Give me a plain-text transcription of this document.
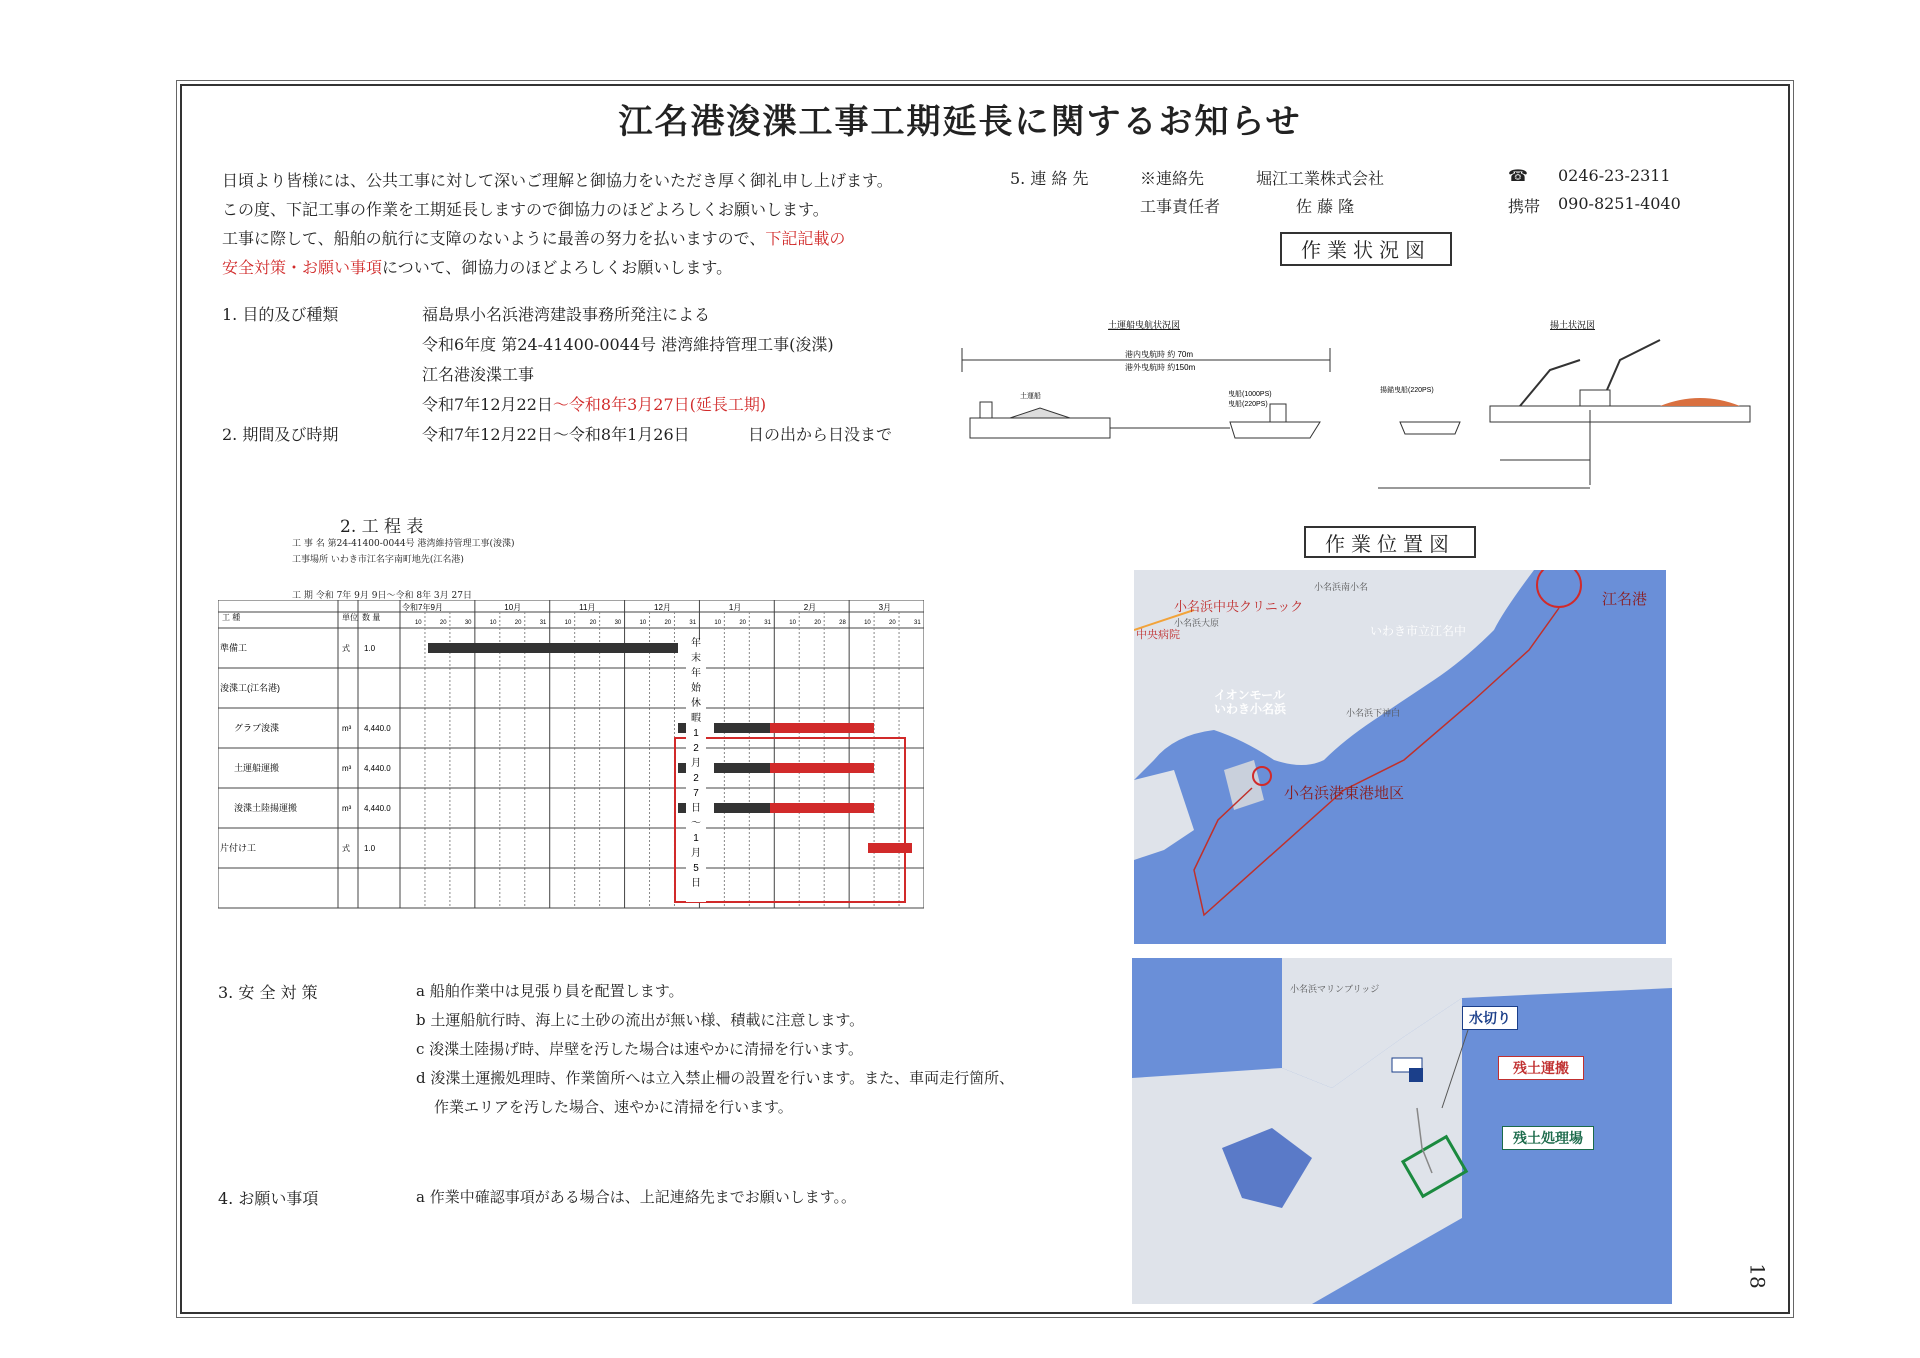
江名港浚渫工事工期延長に関するお知らせ
日頃より皆様には、公共工事に対して深いご理解と御協力をいただき厚く御礼申し上げます。
この度、下記工事の作業を工期延長しますので御協力のほどよろしくお願いします。
工事に際して、船舶の航行に支障のないように最善の努力を払いますので、下記記載の
安全対策・お願い事項について、御協力のほどよろしくお願いします。
1. 目的及び種類	福島県小名浜港湾建設事務所発注による
令和6年度 第24-41400-0044号 港湾維持管理工事(浚渫)
江名港浚渫工事
令和7年12月22日～令和8年3月27日(延長工期)
2. 期間及び時期	令和7年12月22日～令和8年1月26日	日の出から日没まで
5. 連 絡 先	※連絡先	堀江工業株式会社	☎ 0246-23-2311
工事責任者	佐 藤 隆	携帯 090-8251-4040
作業状況図
土運船曳航状況図
港内曳航時 約 70m
港外曳航時 約150m
土運船	曳船(1000PS)
曳船(220PS)
揚土状況図
揚錨曳船(220PS)
作業位置図
2. 工 程 表
工 事 名 第24-41400-0044号 港湾維持管理工事(浚渫)
工事場所 いわき市江名字南町地先(江名港)
工 期 令和 7年 9月 9日～令和 8年 3月 27日
工 種	単位 数 量
令和7年9月	10月	11月	12月	1月	2月	3月
10	20	30	10	20	31	10	20	30	10	20	31	10	20	31	10	20	28	10	20	31
準備工	式 1.0
浚渫工(江名港)
グラブ浚渫	m³ 4,440.0
土運船運搬	m³ 4,440.0
浚渫土陸揚運搬	m³ 4,440.0
片付け工	式 1.0
年
末
年
始
休
暇
1
2
月
2
7
日
～
1
月
5
日
3. 安 全 対 策	a 船舶作業中は見張り員を配置します。
b 土運船航行時、海上に土砂の流出が無い様、積載に注意します。
c 浚渫土陸揚げ時、岸壁を汚した場合は速やかに清掃を行います。
d 浚渫土運搬処理時、作業箇所へは立入禁止柵の設置を行います。また、車両走行箇所、
作業エリアを汚した場合、速やかに清掃を行います。
4. お願い事項	a 作業中確認事項がある場合は、上記連絡先までお願いします。。
江名港
小名浜港東港地区
小名浜中央クリニック
中央病院
イオンモール
いわき小名浜
いわき市立江名中
小名浜南小名
小名浜大原
小名浜下神白
水切り
残土運搬
残土処理場
小名浜マリンブリッジ
18
